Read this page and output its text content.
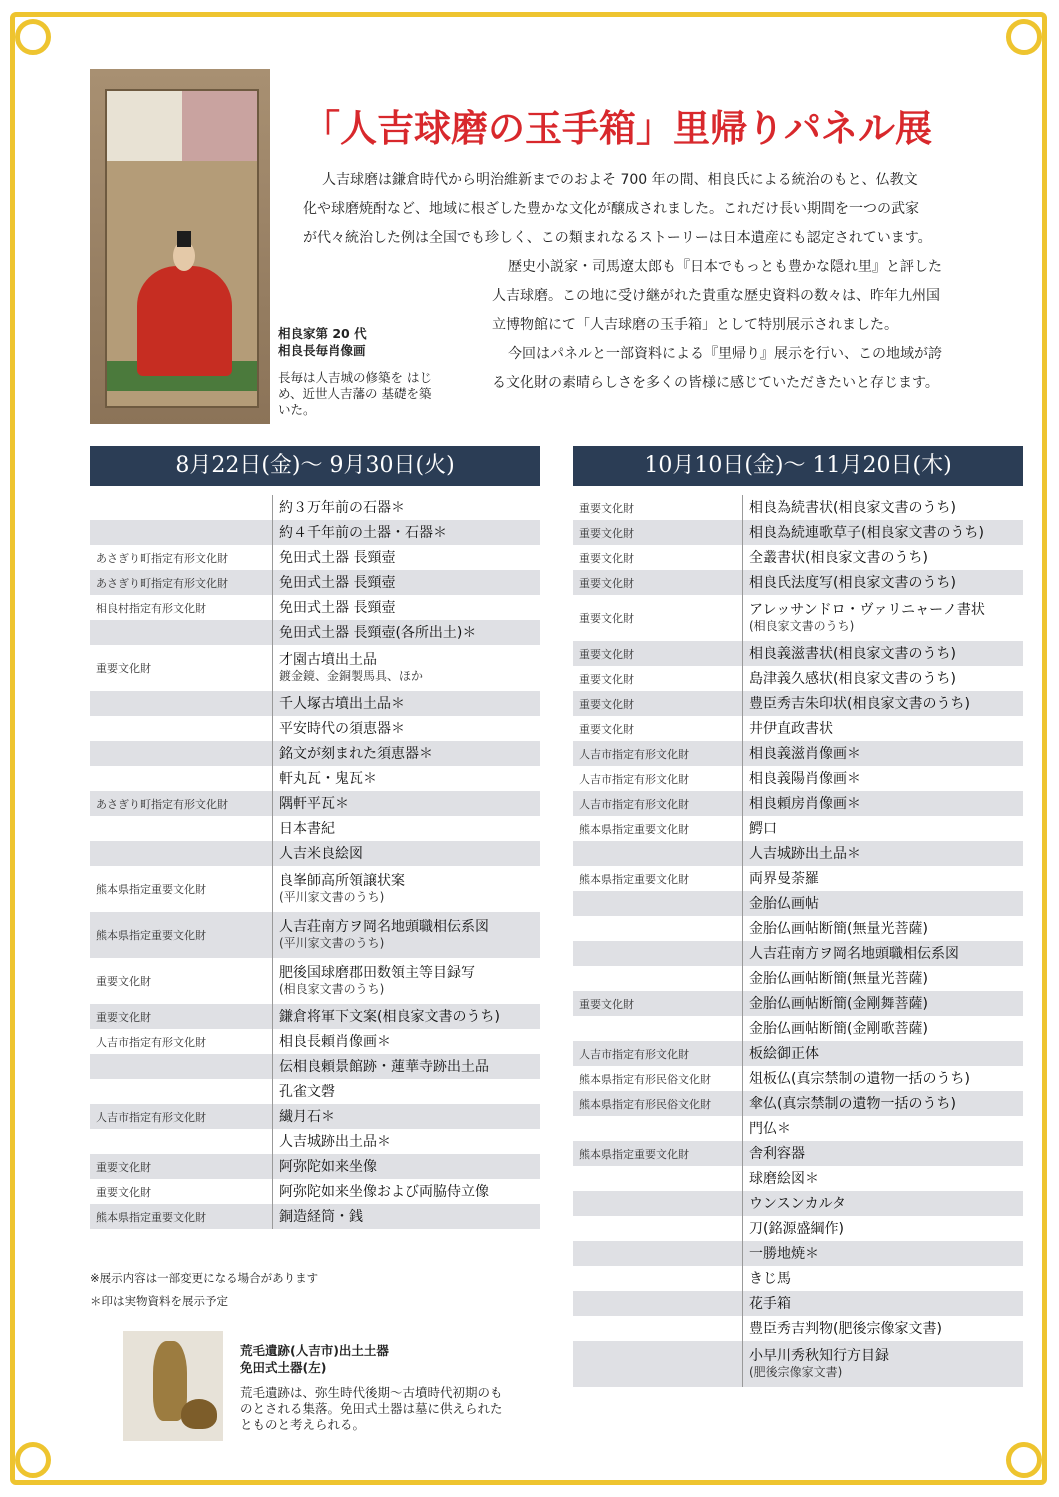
相良家第 20 代
相良長毎肖像画
長毎は人吉城の修築を はじめ、近世人吉藩の 基礎を築いた。
「人吉球磨の玉手箱」里帰りパネル展
人吉球磨は鎌倉時代から明治維新までのおよそ 700 年の間、相良氏による統治のもと、仏教文
化や球磨焼酎など、地域に根ざした豊かな文化が醸成されました。これだけ長い期間を一つの武家
が代々統治した例は全国でも珍しく、この類まれなるストーリーは日本遺産にも認定されています。
歴史小説家・司馬遼太郎も『日本でもっとも豊かな隠れ里』と評した
人吉球磨。この地に受け継がれた貴重な歴史資料の数々は、昨年九州国
立博物館にて「人吉球磨の玉手箱」として特別展示されました。
今回はパネルと一部資料による『里帰り』展示を行い、この地域が誇
る文化財の素晴らしさを多くの皆様に感じていただきたいと存じます。
8月22日(金)〜 9月30日(火)
	約３万年前の石器＊
	約４千年前の土器・石器＊
あさぎり町指定有形文化財	免田式土器 長頸壺
あさぎり町指定有形文化財	免田式土器 長頸壺
相良村指定有形文化財	免田式土器 長頸壺
	免田式土器 長頸壺(各所出土)＊
重要文化財	才園古墳出土品
鍍金鏡、金銅製馬具、ほか

	千人塚古墳出土品＊
	平安時代の須恵器＊
	銘文が刻まれた須恵器＊
	軒丸瓦・鬼瓦＊
あさぎり町指定有形文化財	隅軒平瓦＊
	日本書紀
	人吉米良絵図
熊本県指定重要文化財	良峯師高所領譲状案
(平川家文書のうち)

熊本県指定重要文化財	人吉荘南方ヲ岡名地頭職相伝系図
(平川家文書のうち)

重要文化財	肥後国球磨郡田数領主等目録写
(相良家文書のうち)

重要文化財	鎌倉将軍下文案(相良家文書のうち)
人吉市指定有形文化財	相良長頼肖像画＊
	伝相良頼景館跡・蓮華寺跡出土品
	孔雀文磬
人吉市指定有形文化財	繊月石＊
	人吉城跡出土品＊
重要文化財	阿弥陀如来坐像
重要文化財	阿弥陀如来坐像および両脇侍立像
熊本県指定重要文化財	銅造経筒・銭
※展示内容は一部変更になる場合があります
＊印は実物資料を展示予定
荒毛遺跡(人吉市)出土土器
免田式土器(左)
荒毛遺跡は、弥生時代後期〜古墳時代初期のものとされる集落。免田式土器は墓に供えられたとものと考えられる。
10月10日(金)〜 11月20日(木)
重要文化財	相良為続書状(相良家文書のうち)
重要文化財	相良為続連歌草子(相良家文書のうち)
重要文化財	全叢書状(相良家文書のうち)
重要文化財	相良氏法度写(相良家文書のうち)
重要文化財	アレッサンドロ・ヴァリニャーノ書状
(相良家文書のうち)

重要文化財	相良義滋書状(相良家文書のうち)
重要文化財	島津義久感状(相良家文書のうち)
重要文化財	豊臣秀吉朱印状(相良家文書のうち)
重要文化財	井伊直政書状
人吉市指定有形文化財	相良義滋肖像画＊
人吉市指定有形文化財	相良義陽肖像画＊
人吉市指定有形文化財	相良頼房肖像画＊
熊本県指定重要文化財	鰐口
	人吉城跡出土品＊
熊本県指定重要文化財	両界曼荼羅
	金胎仏画帖
	金胎仏画帖断簡(無量光菩薩)
	人吉荘南方ヲ岡名地頭職相伝系図
	金胎仏画帖断簡(無量光菩薩)
重要文化財	金胎仏画帖断簡(金剛舞菩薩)
	金胎仏画帖断簡(金剛歌菩薩)
人吉市指定有形文化財	板絵御正体
熊本県指定有形民俗文化財	俎板仏(真宗禁制の遺物一括のうち)
熊本県指定有形民俗文化財	傘仏(真宗禁制の遺物一括のうち)
	門仏＊
熊本県指定重要文化財	舎利容器
	球磨絵図＊
	ウンスンカルタ
	刀(銘源盛綱作)
	一勝地焼＊
	きじ馬
	花手箱
	豊臣秀吉判物(肥後宗像家文書)
	小早川秀秋知行方目録
(肥後宗像家文書)
